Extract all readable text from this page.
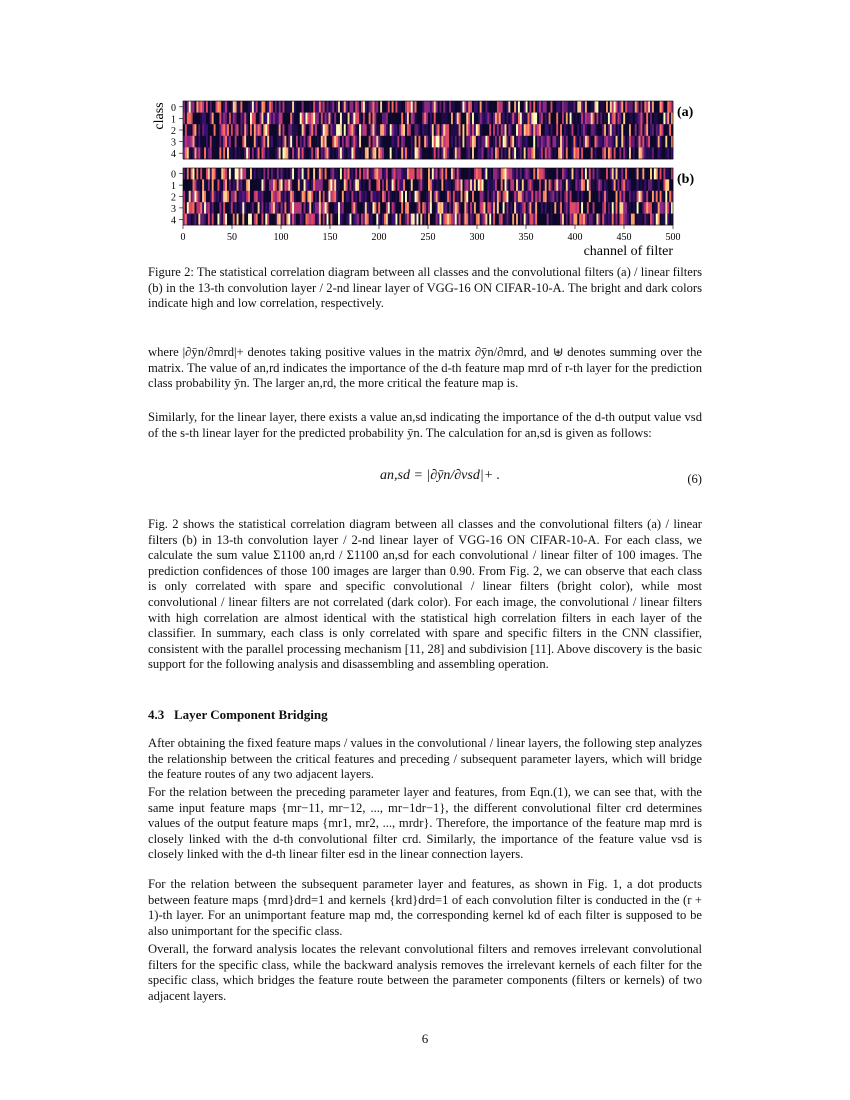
0
1
2
3
4
0
1
2
3
4
0	50	100	150	200	250	300	350	400	450	500
class	(a)
(b)
channel of filter
Figure 2: The statistical correlation diagram between all classes and the convolutional filters (a) / linear filters (b) in the 13-th convolution layer / 2-nd linear layer of VGG-16 ON CIFAR-10-A. The bright and dark colors indicate high and low correlation, respectively.
where |∂ȳn/∂mrd|+ denotes taking positive values in the matrix ∂ȳn/∂mrd, and ⊎ denotes summing over the matrix. The value of an,rd indicates the importance of the d-th feature map mrd of r-th layer for the prediction class probability ȳn. The larger an,rd, the more critical the feature map is.
Similarly, for the linear layer, there exists a value an,sd indicating the importance of the d-th output value vsd of the s-th linear layer for the predicted probability ȳn. The calculation for an,sd is given as follows:
an,sd = |∂ȳn/∂vsd|+ .	(6)
Fig. 2 shows the statistical correlation diagram between all classes and the convolutional filters (a) / linear filters (b) in 13-th convolution layer / 2-nd linear layer of VGG-16 ON CIFAR-10-A. For each class, we calculate the sum value Σ1100 an,rd / Σ1100 an,sd for each convolutional / linear filter of 100 images. The prediction confidences of those 100 images are larger than 0.90. From Fig. 2, we can observe that each class is only correlated with spare and specific convolutional / linear filters (bright color), while most convolutional / linear filters are not correlated (dark color). For each image, the convolutional / linear filters with high correlation are almost identical with the statistical high correlation filters in each layer of the classifier. In summary, each class is only correlated with spare and specific filters in the CNN classifier, consistent with the parallel processing mechanism [11, 28] and subdivision [11]. Above discovery is the basic support for the following analysis and disassembling and assembling operation.
4.3 Layer Component Bridging
After obtaining the fixed feature maps / values in the convolutional / linear layers, the following step analyzes the relationship between the critical features and preceding / subsequent parameter layers, which will bridge the feature routes of any two adjacent layers.
For the relation between the preceding parameter layer and features, from Eqn.(1), we can see that, with the same input feature maps {mr−11, mr−12, ..., mr−1dr−1}, the different convolutional filter crd determines values of the output feature maps {mr1, mr2, ..., mrdr}. Therefore, the importance of the feature map mrd is closely linked with the d-th convolutional filter crd. Similarly, the importance of the feature value vsd is closely linked with the d-th linear filter esd in the linear connection layers.
For the relation between the subsequent parameter layer and features, as shown in Fig. 1, a dot products between feature maps {mrd}drd=1 and kernels {krd}drd=1 of each convolution filter is conducted in the (r + 1)-th layer. For an unimportant feature map md, the corresponding kernel kd of each filter is supposed to be also unimportant for the specific class.
Overall, the forward analysis locates the relevant convolutional filters and removes irrelevant convolutional filters for the specific class, while the backward analysis removes the irrelevant kernels of each filter for the specific class, which bridges the feature route between the parameter components (filters or kernels) of two adjacent layers.
6
